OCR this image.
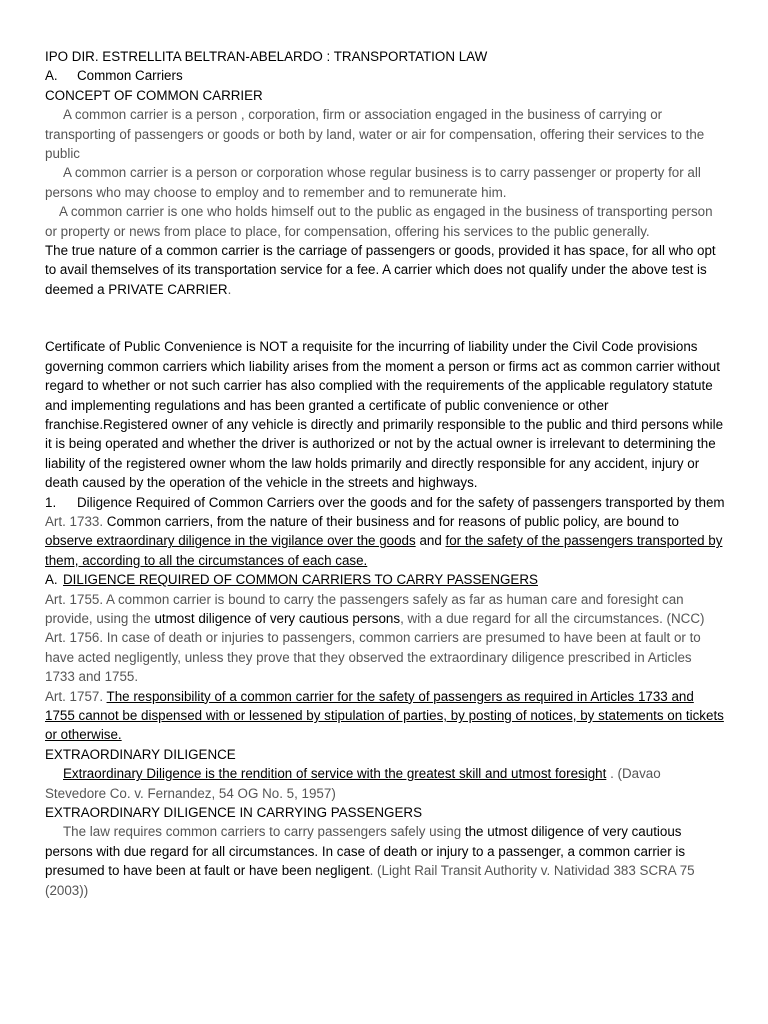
IPO DIR. ESTRELLITA BELTRAN-ABELARDO : TRANSPORTATION LAW

A.	Common Carriers

CONCEPT OF COMMON CARRIER

A common carrier is a person , corporation, firm or association engaged in the business of carrying or transporting of passengers or goods or both by land, water or air for compensation, offering their services to the public

A common carrier is a person or corporation whose regular business is to carry passenger or property for all persons who may choose to employ and to remember and to remunerate him.

A common carrier is one who holds himself out to the public as engaged in the business of transporting person or property or news from place to place, for compensation, offering his services to the public generally.

The true nature of a common carrier is the carriage of passengers or goods, provided it has space, for all who opt to avail themselves of its transportation service for a fee. A carrier which does not qualify under the above test is deemed a PRIVATE CARRIER.

Certificate of Public Convenience is NOT a requisite for the incurring of liability under the Civil Code provisions governing common carriers which liability arises from the moment a person or firms act as common carrier without regard to whether or not such carrier has also complied with the requirements of the applicable regulatory statute and implementing regulations and has been granted a certificate of public convenience or other franchise.Registered owner of any vehicle is directly and primarily responsible to the public and third persons while it is being operated and whether the driver is authorized or not by the actual owner is irrelevant to determining the liability of the registered owner whom the law holds primarily and directly responsible for any accident, injury or death caused by the operation of the vehicle in the streets and highways.

1.	Diligence Required of Common Carriers over the goods and for the safety of passengers transported by them

Art. 1733. Common carriers, from the nature of their business and for reasons of public policy, are bound to observe extraordinary diligence in the vigilance over the goods and for the safety of the passengers transported by them, according to all the circumstances of each case.

A. DILIGENCE REQUIRED OF COMMON CARRIERS TO CARRY PASSENGERS

Art. 1755. A common carrier is bound to carry the passengers safely as far as human care and foresight can provide, using the utmost diligence of very cautious persons, with a due regard for all the circumstances. (NCC)

Art. 1756. In case of death or injuries to passengers, common carriers are presumed to have been at fault or to have acted negligently, unless they prove that they observed the extraordinary diligence prescribed in Articles 1733 and 1755.

Art. 1757. The responsibility of a common carrier for the safety of passengers as required in Articles 1733 and 1755 cannot be dispensed with or lessened by stipulation of parties, by posting of notices, by statements on tickets or otherwise.

EXTRAORDINARY DILIGENCE

Extraordinary Diligence is the rendition of service with the greatest skill and utmost foresight . (Davao Stevedore Co. v. Fernandez, 54 OG No. 5, 1957)

EXTRAORDINARY DILIGENCE IN CARRYING PASSENGERS

The law requires common carriers to carry passengers safely using the utmost diligence of very cautious persons with due regard for all circumstances. In case of death or injury to a passenger, a common carrier is presumed to have been at fault or have been negligent. (Light Rail Transit Authority v. Natividad 383 SCRA 75 (2003))
